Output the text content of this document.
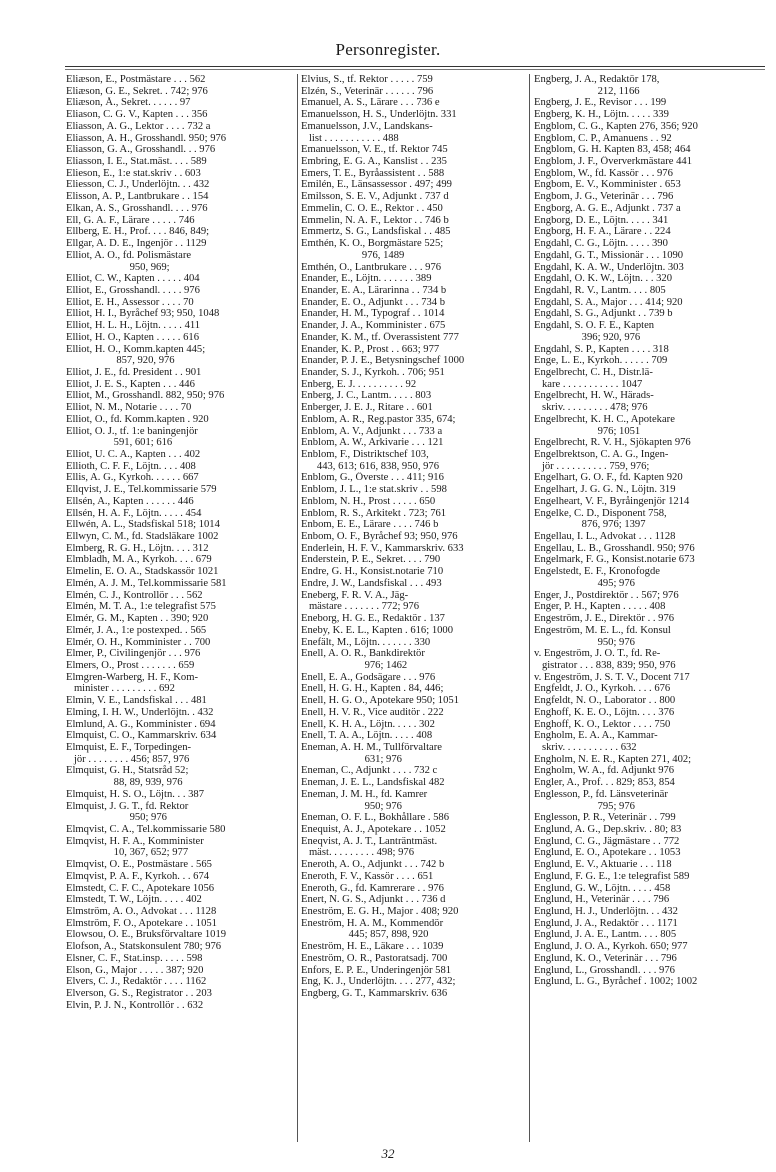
Personregister.
Eliæson, E., Postmästare . . . 562
Eliæson, G. E., Sekret. . 742; 976
Eliæson, Å., Sekret. . . . . . 97
Eliason, C. G. V., Kapten . . . 356
Eliasson, A. G., Lektor . . . . 732 a
Eliasson, A. H., Grosshandl. 950; 976
Eliasson, G. A., Grosshandl. . . 976
Eliasson, I. E., Stat.mäst. . . . 589
Elieson, E., 1:e stat.skriv . . 603
Eliesson, C. J., Underlöjtn. . . 432
Elisson, A. P., Lantbrukare . . 154
Elkan, A. S., Grosshandl. . . . 976
Ell, G. A. F., Lärare . . . . . 746
Ellberg, E. H., Prof. . . . 846, 849;
Ellgar, A. D. E., Ingenjör . . 1129
Elliot, A. O., fd. Polismästare
950, 969;
Elliot, C. W., Kapten . . . . . 404
Elliot, E., Grosshandl. . . . . 976
Elliot, E. H., Assessor . . . . 70
Elliot, H. I., Byråchef 93; 950, 1048
Elliot, H. L. H., Löjtn. . . . . 411
Elliot, H. O., Kapten . . . . . 616
Elliot, H. O., Komm.kapten 445;
857, 920, 976
Elliot, J. E., fd. President . . 901
Elliot, J. E. S., Kapten . . . 446
Elliot, M., Grosshandl. 882, 950; 976
Elliot, N. M., Notarie . . . . 70
Elliot, O., fd. Komm.kapten . 920
Elliot, O. J., tf. 1:e baningenjör
591, 601; 616
Elliot, U. C. A., Kapten . . . 402
Ellioth, C. F. F., Löjtn. . . . 408
Ellis, A. G., Kyrkoh. . . . . . 667
Ellqvist, J. E., Tel.kommissarie 579
Ellsén, A., Kapten . . . . . . 446
Ellsén, H. A. F., Löjtn. . . . . 454
Ellwén, A. L., Stadsfiskal 518; 1014
Ellwyn, C. M., fd. Stadsläkare 1002
Elmberg, R. G. H., Löjtn. . . . 312
Elmbladh, M. A., Kyrkoh. . . . 679
Elmelin, E. O. A., Stadskassör 1021
Elmén, A. J. M., Tel.kommissarie 581
Elmén, C. J., Kontrollör . . . 562
Elmén, M. T. A., 1:e telegrafist 575
Elmér, G. M., Kapten . . 390; 920
Elmér, J. A., 1:e postexped. . 565
Elmér, O. H., Komminister . . 700
Elmer, P., Civilingenjör . . . 976
Elmers, O., Prost . . . . . . . 659
Elmgren-Warberg, H. F., Kom-
minister . . . . . . . . . 692
Elmin, V. E., Landsfiskal . . . 481
Elming, I. H. W., Underlöjtn. . 432
Elmlund, A. G., Komminister . 694
Elmquist, C. O., Kammarskriv. 634
Elmquist, E. F., Torpedingen-
jör . . . . . . . . 456; 857, 976
Elmquist, G. H., Statsråd 52;
88, 89, 939, 976
Elmquist, H. S. O., Löjtn. . . 387
Elmquist, J. G. T., fd. Rektor
950; 976
Elmqvist, C. A., Tel.kommissarie 580
Elmqvist, H. F. A., Komminister
10, 367, 652; 977
Elmqvist, O. E., Postmästare . 565
Elmqvist, P. A. F., Kyrkoh. . . 674
Elmstedt, C. F. C., Apotekare 1056
Elmstedt, T. W., Löjtn. . . . . 402
Elmström, A. O., Advokat . . . 1128
Elmström, F. O., Apotekare . . 1051
Elowsou, O. E., Bruksförvaltare 1019
Elofson, A., Statskonsulent 780; 976
Elsner, C. F., Stat.insp. . . . . 598
Elson, G., Major . . . . . 387; 920
Elvers, C. J., Redaktör . . . . 1162
Elverson, G. S., Registrator . . 203
Elvin, P. J. N., Kontrollör . . 632
Elvius, S., tf. Rektor . . . . . 759
Elzén, S., Veterinär . . . . . . 796
Emanuel, A. S., Lärare . . . 736 e
Emanuelsson, H. S., Underlöjtn. 331
Emanuelsson, J.V., Landskans-
list . . . . . . . . . . . 488
Emanuelsson, V. E., tf. Rektor 745
Embring, E. G. A., Kanslist . . 235
Emers, T. E., Byråassistent . . 588
Emilén, E., Länsassessor . 497; 499
Emilsson, S. E. V., Adjunkt . 737 d
Emmelin, C. O. E., Rektor . . 450
Emmelin, N. A. F., Lektor . . 746 b
Emmertz, S. G., Landsfiskal . . 485
Emthén, K. O., Borgmästare 525;
976, 1489
Emthén, O., Lantbrukare . . . 976
Enander, E., Löjtn. . . . . . . 389
Enander, E. A., Lärarinna . . 734 b
Enander, E. O., Adjunkt . . . 734 b
Enander, H. M., Typograf . . 1014
Enander, J. A., Komminister . 675
Enander, K. M., tf. Överassistent 777
Enander, K. P., Prost . . 663; 977
Enander, P. J. E., Betysningschef 1000
Enander, S. J., Kyrkoh. . 706; 951
Enberg, E. J. . . . . . . . . . 92
Enberg, J. C., Lantm. . . . . 803
Enberger, J. E. J., Ritare . . 601
Enblom, A. R., Reg.pastor 335, 674;
Enblom, A. V., Adjunkt . . . 733 a
Enblom, A. W., Arkivarie . . . 121
Enblom, F., Distriktschef 103,
443, 613; 616, 838, 950, 976
Enblom, G., Överste . . . 411; 916
Enblom, J. L., 1:e stat.skriv . . 598
Enblom, N. H., Prost . . . . . 650
Enblom, R. S., Arkitekt . 723; 761
Enbom, E. E., Lärare . . . . 746 b
Enbom, O. F., Byråchef 93; 950, 976
Enderlein, H. F. V., Kammarskriv. 633
Enderstein, P. E., Sekret. . . . 790
Endre, G. H., Konsist.notarie 710
Endre, J. W., Landsfiskal . . . 493
Eneberg, F. R. V. A., Jäg-
mästare . . . . . . . 772; 976
Eneborg, H. G. E., Redaktör . 137
Eneby, K. E. L., Kapten . 616; 1000
Enefält, M., Löjtn. . . . . . . 330
Enell, A. O. R., Bankdirektör
976; 1462
Enell, E. A., Godsägare . . . 976
Enell, H. G. H., Kapten . 84, 446;
Enell, H. G. O., Apotekare 950; 1051
Enell, H. V. R., Vice auditör . 222
Enell, K. H. A., Löjtn. . . . . 302
Enell, T. A. A., Löjtn. . . . . 408
Eneman, A. H. M., Tullförvaltare
631; 976
Eneman, C., Adjunkt . . . . 732 c
Eneman, J. E. L., Landsfiskal 482
Eneman, J. M. H., fd. Kamrer
950; 976
Eneman, O. F. L., Bokhållare . 586
Enequist, A. J., Apotekare . . 1052
Eneqvist, A. J. T., Lanträntmäst.
mäst. . . . . . . . . 498; 976
Eneroth, A. O., Adjunkt . . . 742 b
Eneroth, F. V., Kassör . . . . 651
Eneroth, G., fd. Kamrerare . . 976
Enert, N. G. S., Adjunkt . . . 736 d
Eneström, E. G. H., Major . 408; 920
Eneström, H. A. M., Kommendör
445; 857, 898, 920
Eneström, H. E., Läkare . . . 1039
Eneström, O. R., Pastoratsadj. 700
Enfors, E. P. E., Underingenjör 581
Eng, K. J., Underlöjtn. . . . 277, 432;
Engberg, G. T., Kammarskriv. 636
Engberg, J. A., Redaktör 178,
212, 1166
Engberg, J. E., Revisor . . . 199
Engberg, K. H., Löjtn. . . . . 339
Engblom, C. G., Kapten 276, 356; 920
Engblom, C. P., Amanuens . . 92
Engblom, G. H. Kapten 83, 458; 464
Engblom, J. F., Öververkmästare 441
Engblom, W., fd. Kassör . . . 976
Engbom, E. V., Komminister . 653
Engbom, J. G., Veterinär . . . 796
Engborg, A. G. E., Adjunkt . 737 a
Engborg, D. E., Löjtn. . . . . 341
Engborg, H. F. A., Lärare . . 224
Engdahl, C. G., Löjtn. . . . . 390
Engdahl, G. T., Missionär . . . 1090
Engdahl, K. A. W., Underlöjtn. 303
Engdahl, O. K. W., Löjtn. . . 320
Engdahl, R. V., Lantm. . . . 805
Engdahl, S. A., Major . . . 414; 920
Engdahl, S. G., Adjunkt . . 739 b
Engdahl, S. O. F. E., Kapten
396; 920, 976
Engdahl, S. P., Kapten . . . . 318
Enge, L. E., Kyrkoh. . . . . . 709
Engelbrecht, C. H., Distr.lä-
kare . . . . . . . . . . . 1047
Engelbrecht, H. W., Härads-
skriv. . . . . . . . . 478; 976
Engelbrecht, K. H. C., Apotekare
976; 1051
Engelbrecht, R. V. H., Sjökapten 976
Engelbrektson, C. A. G., Ingen-
jör . . . . . . . . . . 759, 976;
Engelhart, G. O. F., fd. Kapten 920
Engelhart, J. G. G. N., Löjtn. 319
Engelheart, V. F., Byråingenjör 1214
Engelke, C. D., Disponent 758,
876, 976; 1397
Engellau, I. L., Advokat . . . 1128
Engellau, L. B., Grosshandl. 950; 976
Engelmark, F. G., Konsist.notarie 673
Engelstedt, E. F., Kronofogde
495; 976
Enger, J., Postdirektör . . 567; 976
Enger, P. H., Kapten . . . . . 408
Engeström, J. E., Direktör . . 976
Engeström, M. E. L., fd. Konsul
950; 976
v. Engeström, J. O. T., fd. Re-
gistrator . . . 838, 839; 950, 976
v. Engeström, J. S. T. V., Docent 717
Engfeldt, J. O., Kyrkoh. . . . 676
Engfeldt, N. O., Laborator . . 800
Enghoff, K. E. O., Löjtn. . . . 376
Enghoff, K. O., Lektor . . . . 750
Engholm, E. A. A., Kammar-
skriv. . . . . . . . . . . 632
Engholm, N. E. R., Kapten 271, 402;
Engholm, W. A., fd. Adjunkt 976
Engler, A., Prof. . . 829; 853, 854
Englesson, P., fd. Länsveterinär
795; 976
Englesson, P. R., Veterinär . . 799
Englund, A. G., Dep.skriv. . 80; 83
Englund, C. G., Jägmästare . . 772
Englund, E. O., Apotekare . . 1053
Englund, E. V., Aktuarie . . . 118
Englund, F. G. E., 1:e telegrafist 589
Englund, G. W., Löjtn. . . . . 458
Englund, H., Veterinär . . . . 796
Englund, H. J., Underlöjtn. . . 432
Englund, J. A., Redaktör . . . 1171
Englund, J. A. E., Lantm. . . . 805
Englund, J. O. A., Kyrkoh. 650; 977
Englund, K. O., Veterinär . . . 796
Englund, L., Grosshandl. . . . 976
Englund, L. G., Byråchef . 1002; 1002
32
